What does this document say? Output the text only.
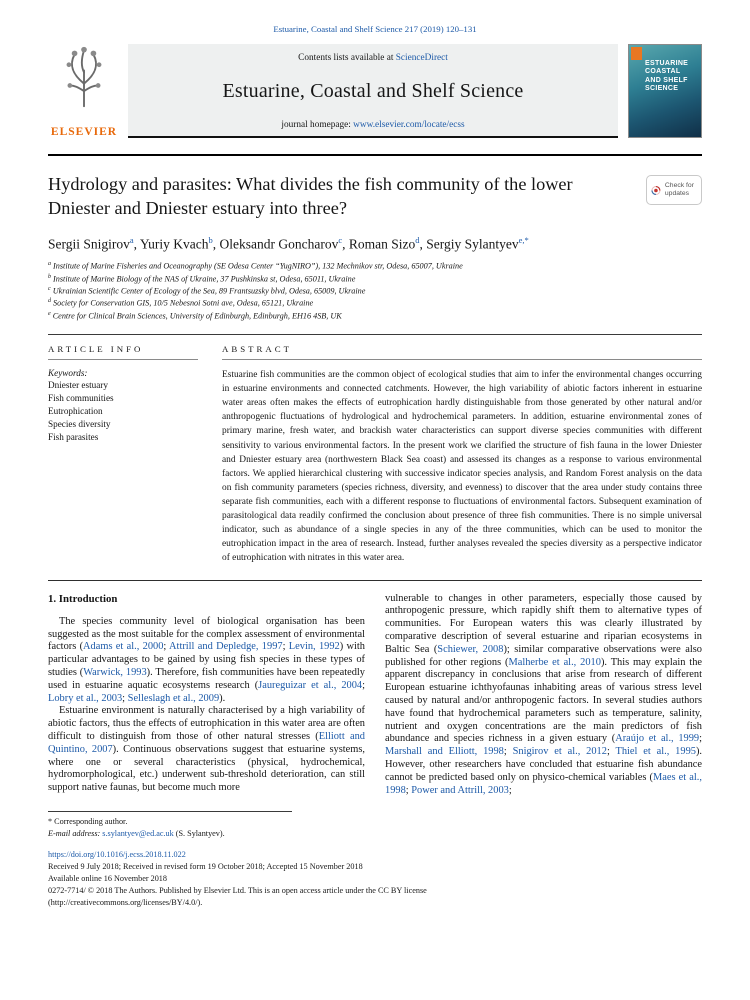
Estuarine, Coastal and Shelf Science 217 (2019) 120–131
ELSEVIER
Contents lists available at ScienceDirect
Estuarine, Coastal and Shelf Science
journal homepage: www.elsevier.com/locate/ecss
ESTUARINE COASTAL AND SHELF SCIENCE
Hydrology and parasites: What divides the fish community of the lower Dniester and Dniester estuary into three?
Check for updates
Sergii Snigirov$^a$, Yuriy Kvach$^b$, Oleksandr Goncharov$^c$, Roman Sizo$^d$, Sergiy Sylantyev$^{e,*}$
$^a$ Institute of Marine Fisheries and Oceanography (SE Odesa Center “YugNIRO”), 132 Mechnikov str, Odesa, 65007, Ukraine
$^b$ Institute of Marine Biology of the NAS of Ukraine, 37 Pushkinska st, Odesa, 65011, Ukraine
$^c$ Ukrainian Scientific Center of Ecology of the Sea, 89 Frantsuzsky blvd, Odesa, 65009, Ukraine
$^d$ Society for Conservation GIS, 10/5 Nebesnoi Sotni ave, Odesa, 65121, Ukraine
$^e$ Centre for Clinical Brain Sciences, University of Edinburgh, Edinburgh, EH16 4SB, UK
ARTICLE INFO
Keywords:
Dniester estuary
Fish communities
Eutrophication
Species diversity
Fish parasites
ABSTRACT

Estuarine fish communities are the common object of ecological studies that aim to infer the environmental changes occurring in estuarine environments and connected catchments. However, the high variability of abiotic factors inherent in estuarine water areas often makes the effects of eutrophication hardly distinguishable from those generated by other natural and/or anthropogenic fluctuations of hydrological and hydrochemical parameters. In addition, estuarine environmental zones of primary marine, fresh water, and brackish water characteristics can support diverse species communities with different sensitivity to various environmental factors. In the present work we clarified the structure of fish fauna in the lower Dniester and Dniester estuary area (northwestern Black Sea coast) and assessed its changes as a response to various environmental factors. We applied hierarchical clustering with successive indicator species analysis, and Random Forest analysis on the data on fish community parameters (species richness, diversity, and evenness) to discover that the area under study contains three separate fish communities, each with a different response to fluctuations of environmental factors. Subsequent examination of parasitological data readily confirmed the conclusion about presence of three fish communities. There is no simple universal indicator, such as abundance of a single species in any of the three communities, which can be used to monitor the eutrophication impact in the area of research. Instead, further analyses revealed the species diversity as a perspective indicator of eutrophication with nitrates in this water area.

1. Introduction

The species community level of biological organisation has been suggested as the most suitable for the complex assessment of environmental factors (Adams et al., 2000; Attrill and Depledge, 1997; Levin, 1992) with particular advantages to be gained by using fish species in these types of studies (Warwick, 1993). Therefore, fish communities have been repeatedly used in estuarine aquatic ecosystems research (Jaureguizar et al., 2004; Lobry et al., 2003; Selleslagh et al., 2009).

Estuarine environment is naturally characterised by a high variability of abiotic factors, thus the effects of eutrophication in this water area are often difficult to distinguish from those of other natural stresses (Elliott and Quintino, 2007). Continuous observations suggest that estuarine systems, where one or several characteristics (physical, hydrochemical, hydromorphological, etc.) underwent sub-threshold deterioration, can still support native faunas, but become much more

vulnerable to changes in other parameters, especially those caused by anthropogenic pressure, which rapidly shift them to alternative types of communities. For European waters this was clearly illustrated by comparative description of several estuarine and riparian ecosystems in Baltic Sea (Schiewer, 2008); similar comparative observations were also published for other regions (Malherbe et al., 2010). This may explain the apparent discrepancy in conclusions that arise from research of different European estuarine ichthyofaunas inhabiting areas of various stress level caused by natural and/or anthropogenic factors. In several studies authors have found that hydrochemical parameters such as temperature, salinity, nutrient and oxygen concentrations are the main predictors of fish abundance and species richness in a given estuary (Araújo et al., 1999; Marshall and Elliott, 1998; Snigirov et al., 2012; Thiel et al., 1995). However, other researchers have concluded that estuarine fish abundance cannot be predicted based only on physico-chemical variables (Maes et al., 1998; Power and Attrill, 2003;

* Corresponding author.
E-mail address: s.sylantyev@ed.ac.uk (S. Sylantyev).
https://doi.org/10.1016/j.ecss.2018.11.022
Received 9 July 2018; Received in revised form 19 October 2018; Accepted 15 November 2018
Available online 16 November 2018
0272-7714/ © 2018 The Authors. Published by Elsevier Ltd. This is an open access article under the CC BY license
(http://creativecommons.org/licenses/BY/4.0/).
